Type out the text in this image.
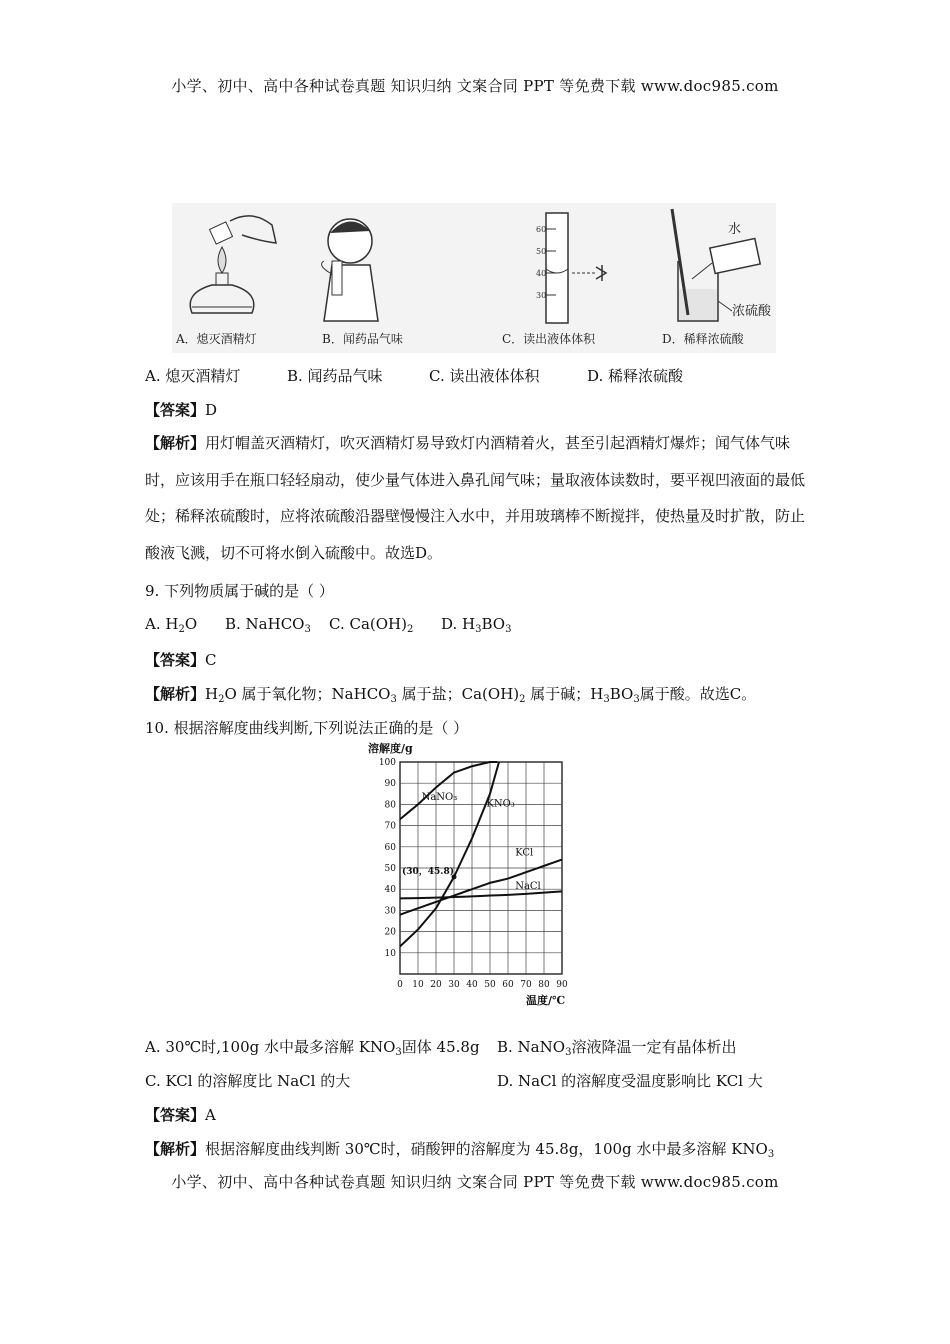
小学、初中、高中各种试卷真题 知识归纳 文案合同 PPT 等免费下载 www.doc985.com
60
50
40
30
水
浓硫酸
A．熄灭酒精灯	B．闻药品气味	C．读出液体体积	D．稀释浓硫酸
A. 熄灭酒精灯	B. 闻药品气味	C. 读出液体体积	D. 稀释浓硫酸
【答案】D
【解析】用灯帽盖灭酒精灯，吹灭酒精灯易导致灯内酒精着火，甚至引起酒精灯爆炸；闻气体气味时，应该用手在瓶口轻轻扇动，使少量气体进入鼻孔闻气味；量取液体读数时，要平视凹液面的最低处；稀释浓硫酸时，应将浓硫酸沿器壁慢慢注入水中，并用玻璃棒不断搅拌，使热量及时扩散，防止酸液飞溅，切不可将水倒入硫酸中。故选D。
9. 下列物质属于碱的是（ ）
A. $H_2O$ B. NaHCO$_3$ C. $Ca(OH)_2$ D. $H_3BO_3$
【答案】C
【解析】$H_2O$ 属于氧化物；NaHCO$_3$ 属于盐；$Ca(OH)_2$ 属于碱；$H_3BO_3$属于酸。故选C。
10. 根据溶解度曲线判断,下列说法正确的是（ ）
10
20
30
40
50
60
70
80
90
100
0 10 20 30 40 50 60 70 80 90
NaNO₃
KNO₃
KCl
NaCl
溶解度/g
温度/℃
(30，45.8)
A. 30℃时,100g 水中最多溶解 $KNO_3$固体 45.8g B. NaNO$_3$溶液降温一定有晶体析出
C. KCl 的溶解度比 NaCl 的大	D. NaCl 的溶解度受温度影响比 KCl 大
【答案】A
【解析】根据溶解度曲线判断 30℃时，硝酸钾的溶解度为 45.8g，100g 水中最多溶解 $KNO_3$
小学、初中、高中各种试卷真题 知识归纳 文案合同 PPT 等免费下载 www.doc985.com
